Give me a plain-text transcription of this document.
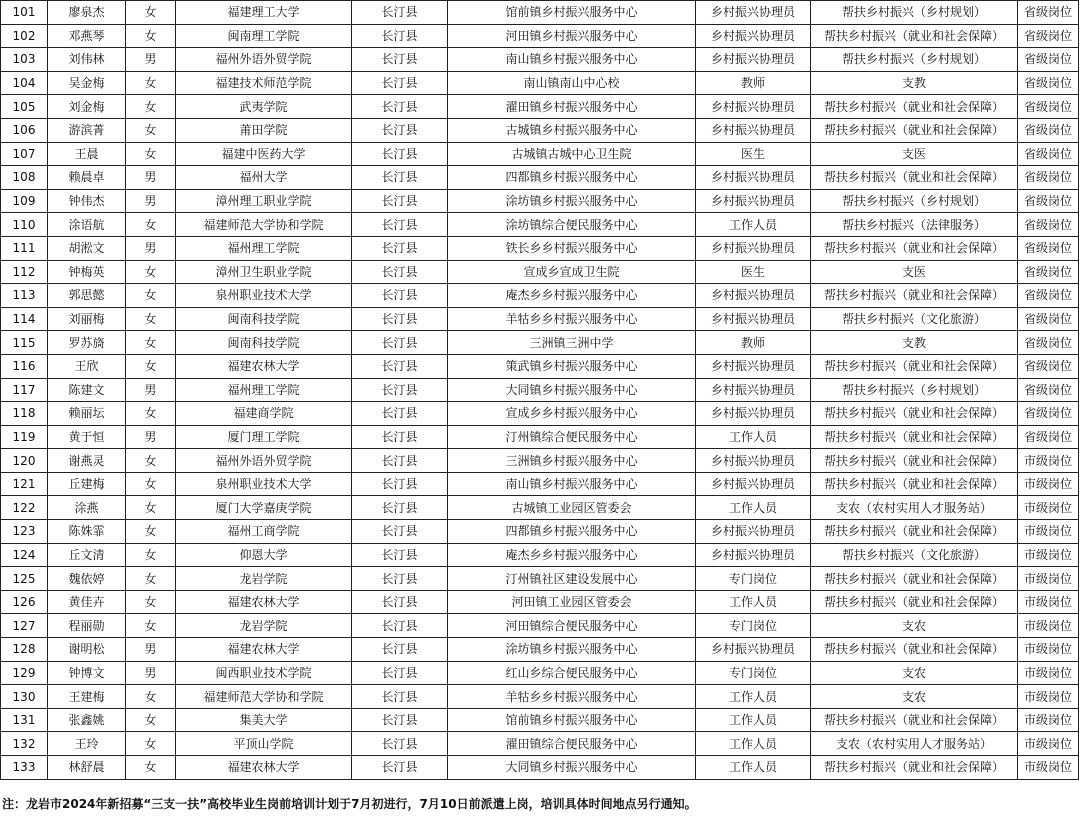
101	廖泉杰	女	福建理工大学	长汀县	馆前镇乡村振兴服务中心	乡村振兴协理员	帮扶乡村振兴（乡村规划）	省级岗位
102	邓燕琴	女	闽南理工学院	长汀县	河田镇乡村振兴服务中心	乡村振兴协理员	帮扶乡村振兴（就业和社会保障）	省级岗位
103	刘伟林	男	福州外语外贸学院	长汀县	南山镇乡村振兴服务中心	乡村振兴协理员	帮扶乡村振兴（乡村规划）	省级岗位
104	吴金梅	女	福建技术师范学院	长汀县	南山镇南山中心校	教师	支教	省级岗位
105	刘金梅	女	武夷学院	长汀县	濯田镇乡村振兴服务中心	乡村振兴协理员	帮扶乡村振兴（就业和社会保障）	省级岗位
106	游滨菁	女	莆田学院	长汀县	古城镇乡村振兴服务中心	乡村振兴协理员	帮扶乡村振兴（就业和社会保障）	省级岗位
107	王晨	女	福建中医药大学	长汀县	古城镇古城中心卫生院	医生	支医	省级岗位
108	赖晨卓	男	福州大学	长汀县	四都镇乡村振兴服务中心	乡村振兴协理员	帮扶乡村振兴（就业和社会保障）	省级岗位
109	钟伟杰	男	漳州理工职业学院	长汀县	涂坊镇乡村振兴服务中心	乡村振兴协理员	帮扶乡村振兴（乡村规划）	省级岗位
110	涂语航	女	福建师范大学协和学院	长汀县	涂坊镇综合便民服务中心	工作人员	帮扶乡村振兴（法律服务）	省级岗位
111	胡淞文	男	福州理工学院	长汀县	铁长乡乡村振兴服务中心	乡村振兴协理员	帮扶乡村振兴（就业和社会保障）	省级岗位
112	钟梅英	女	漳州卫生职业学院	长汀县	宣成乡宣成卫生院	医生	支医	省级岗位
113	郭思懿	女	泉州职业技术大学	长汀县	庵杰乡乡村振兴服务中心	乡村振兴协理员	帮扶乡村振兴（就业和社会保障）	省级岗位
114	刘丽梅	女	闽南科技学院	长汀县	羊牯乡乡村振兴服务中心	乡村振兴协理员	帮扶乡村振兴（文化旅游）	省级岗位
115	罗苏旖	女	闽南科技学院	长汀县	三洲镇三洲中学	教师	支教	省级岗位
116	王欣	女	福建农林大学	长汀县	策武镇乡村振兴服务中心	乡村振兴协理员	帮扶乡村振兴（就业和社会保障）	省级岗位
117	陈建文	男	福州理工学院	长汀县	大同镇乡村振兴服务中心	乡村振兴协理员	帮扶乡村振兴（乡村规划）	省级岗位
118	赖丽坛	女	福建商学院	长汀县	宣成乡乡村振兴服务中心	乡村振兴协理员	帮扶乡村振兴（就业和社会保障）	省级岗位
119	黄于恒	男	厦门理工学院	长汀县	汀州镇综合便民服务中心	工作人员	帮扶乡村振兴（就业和社会保障）	省级岗位
120	谢燕灵	女	福州外语外贸学院	长汀县	三洲镇乡村振兴服务中心	乡村振兴协理员	帮扶乡村振兴（就业和社会保障）	市级岗位
121	丘建梅	女	泉州职业技术大学	长汀县	南山镇乡村振兴服务中心	乡村振兴协理员	帮扶乡村振兴（就业和社会保障）	市级岗位
122	涂燕	女	厦门大学嘉庚学院	长汀县	古城镇工业园区管委会	工作人员	支农（农村实用人才服务站）	市级岗位
123	陈姝霏	女	福州工商学院	长汀县	四都镇乡村振兴服务中心	乡村振兴协理员	帮扶乡村振兴（就业和社会保障）	市级岗位
124	丘文清	女	仰恩大学	长汀县	庵杰乡乡村振兴服务中心	乡村振兴协理员	帮扶乡村振兴（文化旅游）	市级岗位
125	魏依婷	女	龙岩学院	长汀县	汀州镇社区建设发展中心	专门岗位	帮扶乡村振兴（就业和社会保障）	市级岗位
126	黄佳卉	女	福建农林大学	长汀县	河田镇工业园区管委会	工作人员	帮扶乡村振兴（就业和社会保障）	市级岗位
127	程丽勋	女	龙岩学院	长汀县	河田镇综合便民服务中心	专门岗位	支农	市级岗位
128	谢明松	男	福建农林大学	长汀县	涂坊镇乡村振兴服务中心	乡村振兴协理员	帮扶乡村振兴（就业和社会保障）	市级岗位
129	钟博文	男	闽西职业技术学院	长汀县	红山乡综合便民服务中心	专门岗位	支农	市级岗位
130	王建梅	女	福建师范大学协和学院	长汀县	羊牯乡乡村振兴服务中心	工作人员	支农	市级岗位
131	张鑫姚	女	集美大学	长汀县	馆前镇乡村振兴服务中心	工作人员	帮扶乡村振兴（就业和社会保障）	市级岗位
132	王玲	女	平顶山学院	长汀县	濯田镇综合便民服务中心	工作人员	支农（农村实用人才服务站）	市级岗位
133	林舒晨	女	福建农林大学	长汀县	大同镇乡村振兴服务中心	工作人员	帮扶乡村振兴（就业和社会保障）	市级岗位
注：龙岩市2024年新招募“三支一扶”高校毕业生岗前培训计划于7月初进行，7月10日前派遣上岗，培训具体时间地点另行通知。
